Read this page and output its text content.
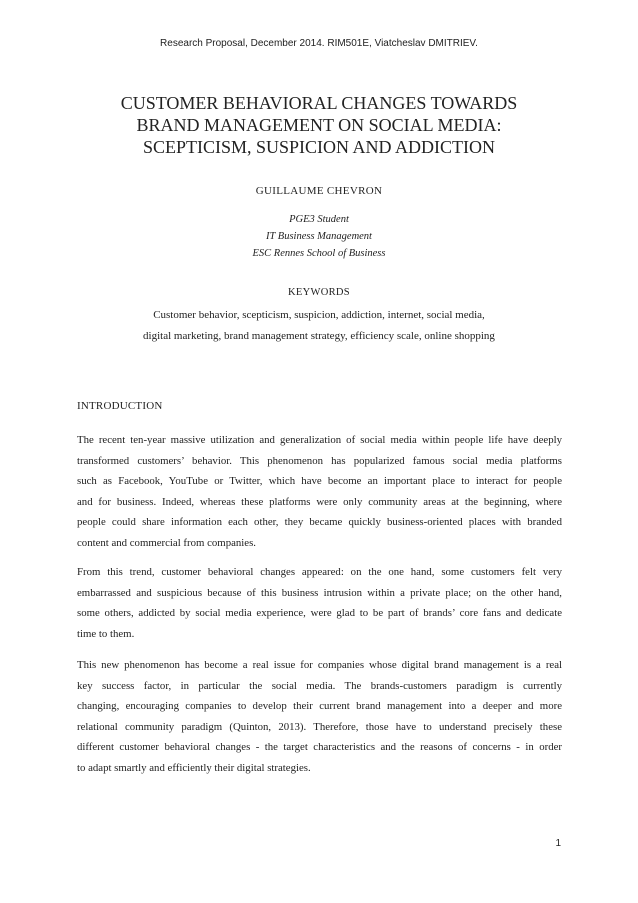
Research Proposal, December 2014. RIM501E, Viatcheslav DMITRIEV.
CUSTOMER BEHAVIORAL CHANGES TOWARDS
BRAND MANAGEMENT ON SOCIAL MEDIA:
SCEPTICISM, SUSPICION AND ADDICTION
GUILLAUME CHEVRON
PGE3 Student
IT Business Management
ESC Rennes School of Business
KEYWORDS
Customer behavior, scepticism, suspicion, addiction, internet, social media,
digital marketing, brand management strategy, efficiency scale, online shopping
INTRODUCTION
The recent ten-year massive utilization and generalization of social media within people life have deeply
transformed customers’ behavior. This phenomenon has popularized famous social media platforms
such as Facebook, YouTube or Twitter, which have become an important place to interact for people
and for business. Indeed, whereas these platforms were only community areas at the beginning, where
people could share information each other, they became quickly business-oriented places with branded
content and commercial from companies.
From this trend, customer behavioral changes appeared: on the one hand, some customers felt very
embarrassed and suspicious because of this business intrusion within a private place; on the other hand,
some others, addicted by social media experience, were glad to be part of brands’ core fans and dedicate
time to them.
This new phenomenon has become a real issue for companies whose digital brand management is a real
key success factor, in particular the social media. The brands-customers paradigm is currently
changing, encouraging companies to develop their current brand management into a deeper and more
relational community paradigm (Quinton, 2013). Therefore, those have to understand precisely these
different customer behavioral changes - the target characteristics and the reasons of concerns - in order
to adapt smartly and efficiently their digital strategies.
1
